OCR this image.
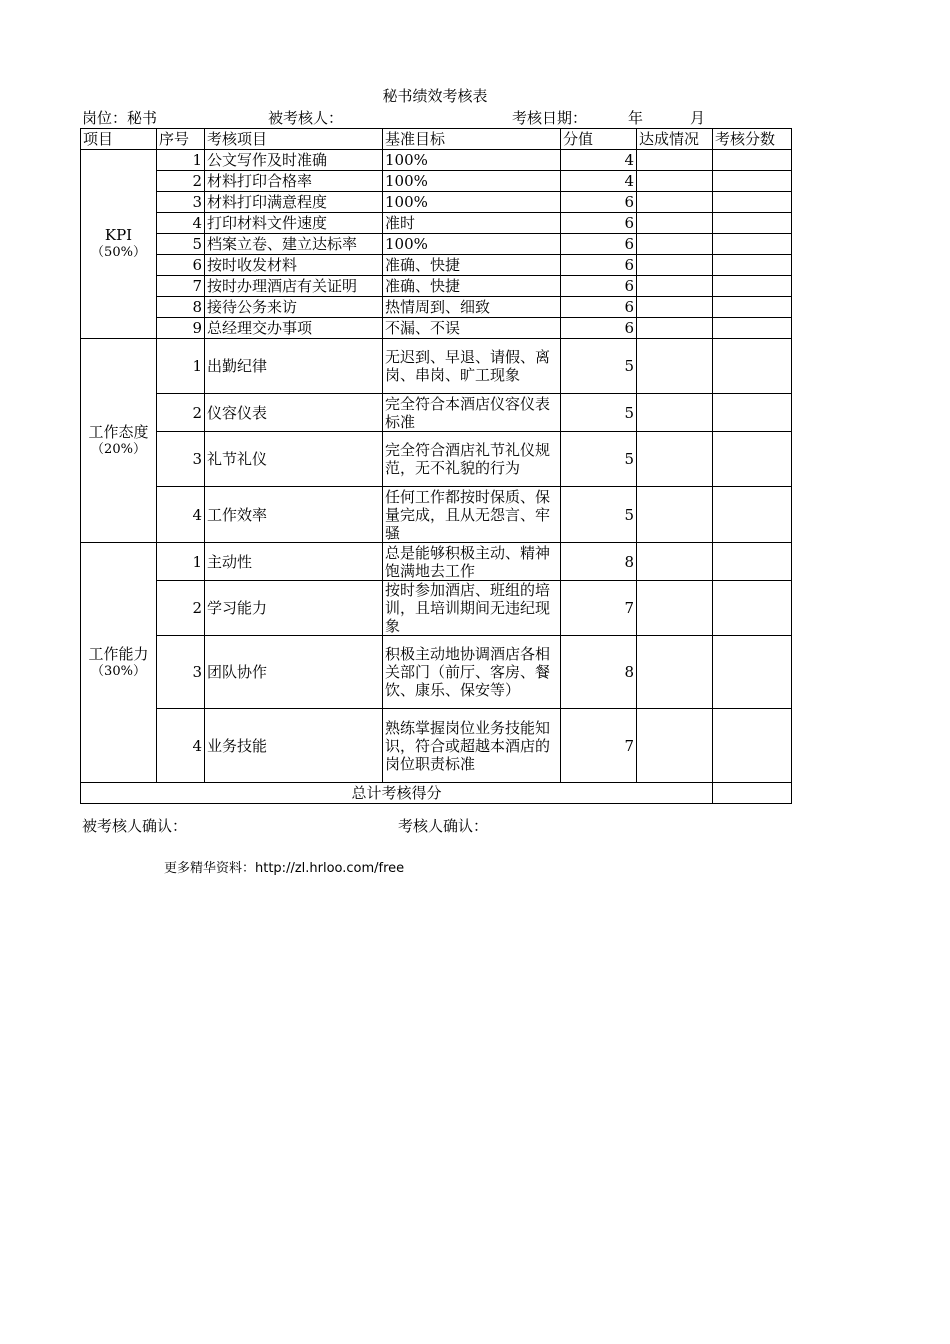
秘书绩效考核表
岗位：秘书	被考核人：	考核日期：	年	月
项目	序号	考核项目	基准目标	分值	达成情况	考核分数

KPI
（50%）	1	公文写作及时准确	100%	4		
	2	材料打印合格率	100%	4		
	3	材料打印满意程度	100%	6		
	4	打印材料文件速度	准时	6		
	5	档案立卷、建立达标率	100%	6		
	6	按时收发材料	准确、快捷	6		
	7	按时办理酒店有关证明	准确、快捷	6		
	8	接待公务来访	热情周到、细致	6		
	9	总经理交办事项	不漏、不误	6		

工作态度
（20%）	1	出勤纪律	无迟到、早退、请假、离岗、串岗、旷工现象	5		
	2	仪容仪表	完全符合本酒店仪容仪表标准	5		
	3	礼节礼仪	完全符合酒店礼节礼仪规范，无不礼貌的行为	5		
	4	工作效率	任何工作都按时保质、保量完成，且从无怨言、牢骚	5		

工作能力
（30%）	1	主动性	总是能够积极主动、精神饱满地去工作	8		
	2	学习能力	按时参加酒店、班组的培训，且培训期间无违纪现象	7		
	3	团队协作	积极主动地协调酒店各相关部门（前厅、客房、餐饮、康乐、保安等）	8		
	4	业务技能	熟练掌握岗位业务技能知识，符合或超越本酒店的岗位职责标准	7		
总计考核得分						
被考核人确认：	考核人确认：
更多精华资料：http://zl.hrloo.com/free
